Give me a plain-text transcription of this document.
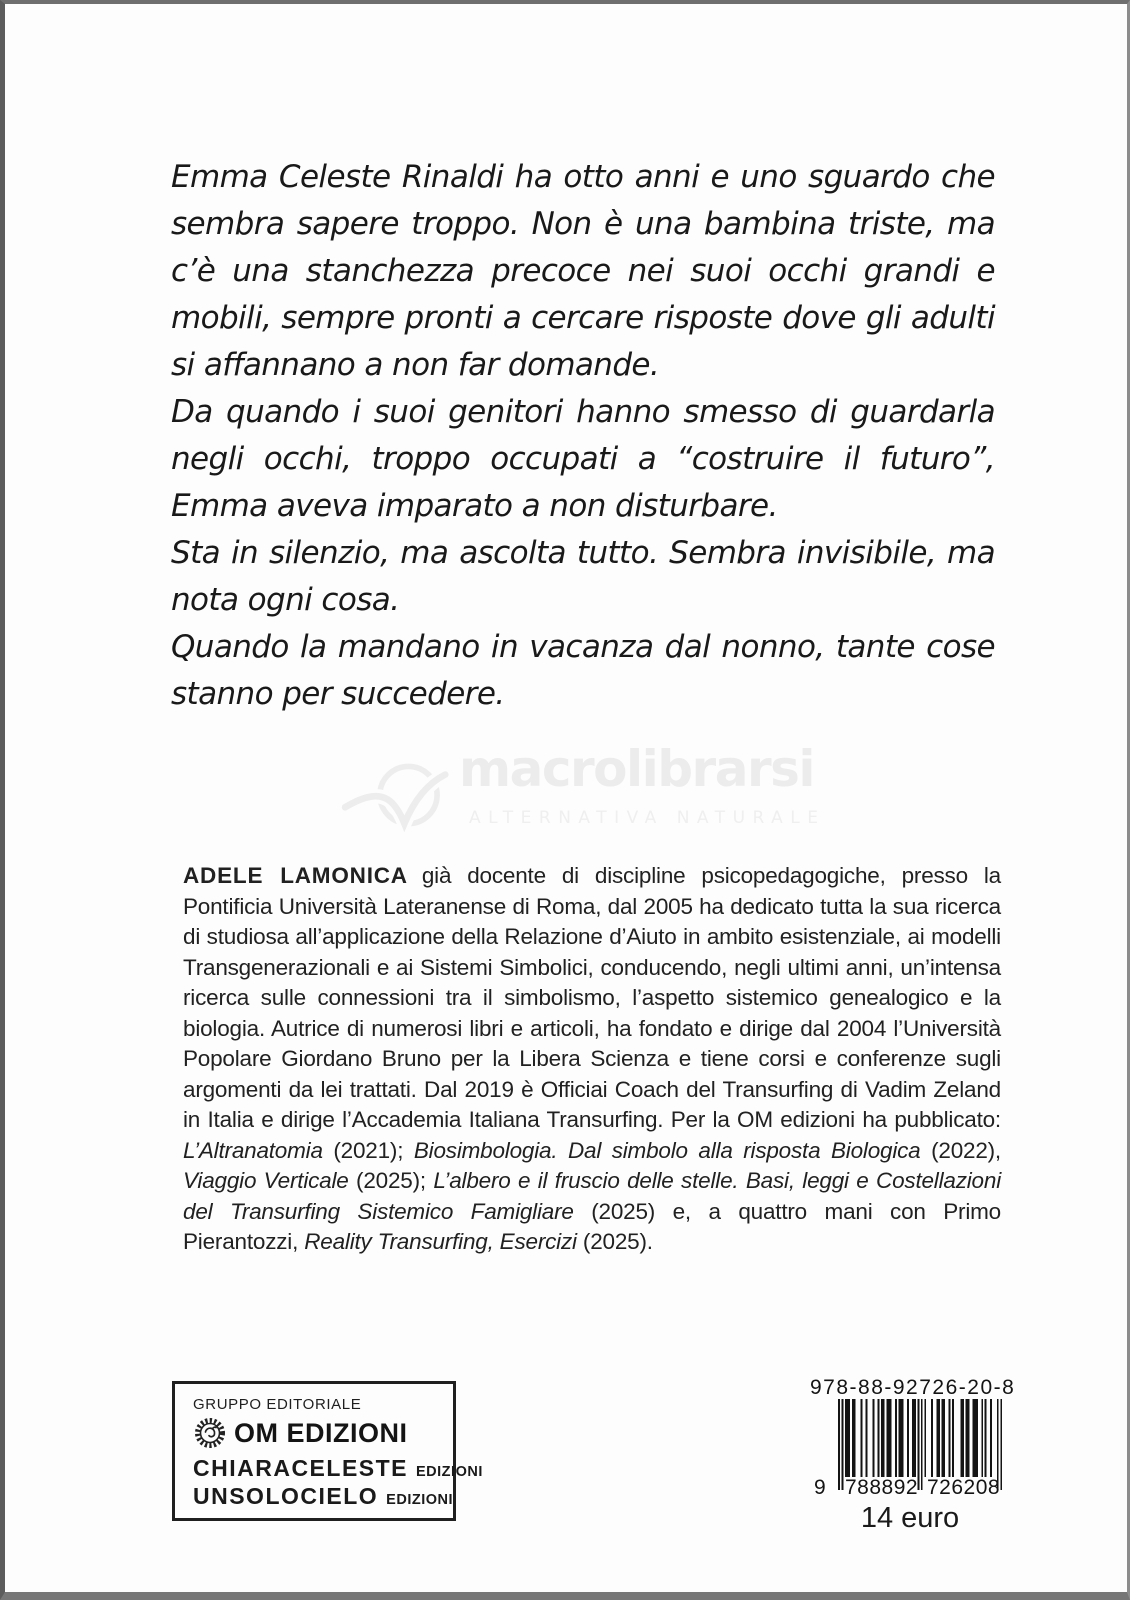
Emma Celeste Rinaldi ha otto anni e uno sguardo che sembra sapere troppo. Non è una bambina triste, ma c’è una stanchezza precoce nei suoi occhi grandi e mobili, sempre pronti a cercare risposte dove gli adulti si affannano a non far domande.

Da quando i suoi genitori hanno smesso di guardarla negli occhi, troppo occupati a “costruire il futuro”, Emma aveva imparato a non disturbare.

Sta in silenzio, ma ascolta tutto. Sembra invisibile, ma nota ogni cosa.

Quando la mandano in vacanza dal nonno, tante cose stanno per succedere.

macrolibrarsi
ALTERNATIVA NATURALE
ADELE LAMONICA già docente di discipline psicopedagogiche, presso la Pontificia Università Lateranense di Roma, dal 2005 ha dedicato tutta la sua ricerca di studiosa all’applicazione della Relazione d’Aiuto in ambito esistenziale, ai modelli Transgenerazionali e ai Sistemi Simbolici, conducendo, negli ultimi anni, un’intensa ricerca sulle connessioni tra il simbolismo, l’aspetto sistemico genealogico e la biologia. Autrice di numerosi libri e articoli, ha fondato e dirige dal 2004 l’Università Popolare Giordano Bruno per la Libera Scienza e tiene corsi e conferenze sugli argomenti da lei trattati. Dal 2019 è Officiai Coach del Transurfing di Vadim Zeland in Italia e dirige l’Accademia Italiana Transurfing. Per la OM edizioni ha pubblicato: L’Altranatomia (2021); Biosimbologia. Dal simbolo alla risposta Biologica (2022), Viaggio Verticale (2025); L’albero e il fruscio delle stelle. Basi, leggi e Costellazioni del Transurfing Sistemico Famigliare (2025) e, a quattro mani con Primo Pierantozzi, Reality Transurfing, Esercizi (2025).
GRUPPO EDITORIALE
OM EDIZIONI
CHIARACELESTE EDIZIONI
UNSOLOCIELO EDIZIONI
978-88-92726-20-8
9 788892 726208
14 euro
